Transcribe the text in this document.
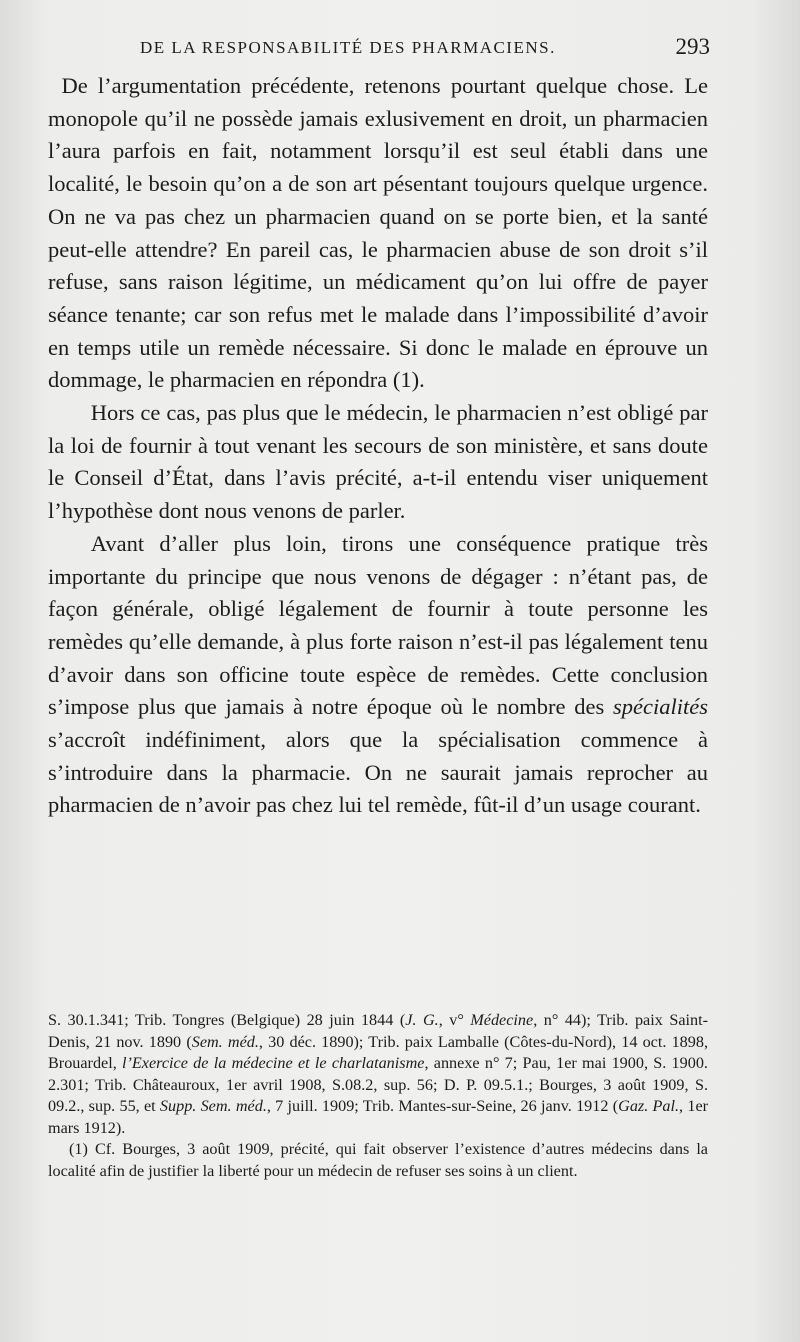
DE LA RESPONSABILITÉ DES PHARMACIENS.	293

De l’argumentation précédente, retenons pourtant quelque chose. Le monopole qu’il ne possède jamais exlusivement en droit, un pharmacien l’aura parfois en fait, notamment lorsqu’il est seul établi dans une localité, le besoin qu’on a de son art pésentant toujours quelque urgence. On ne va pas chez un pharmacien quand on se porte bien, et la santé peut-elle attendre? En pareil cas, le pharmacien abuse de son droit s’il refuse, sans raison légitime, un médicament qu’on lui offre de payer séance tenante; car son refus met le malade dans l’impossibilité d’avoir en temps utile un remède nécessaire. Si donc le malade en éprouve un dommage, le pharmacien en répondra (1).

Hors ce cas, pas plus que le médecin, le pharmacien n’est obligé par la loi de fournir à tout venant les secours de son ministère, et sans doute le Conseil d’État, dans l’avis précité, a-t-il entendu viser uniquement l’hypothèse dont nous venons de parler.

Avant d’aller plus loin, tirons une conséquence pratique très importante du principe que nous venons de dégager : n’étant pas, de façon générale, obligé légalement de fournir à toute personne les remèdes qu’elle demande, à plus forte raison n’est-il pas légalement tenu d’avoir dans son officine toute espèce de remèdes. Cette conclusion s’impose plus que jamais à notre époque où le nombre des spécialités s’accroît indéfiniment, alors que la spécialisation commence à s’introduire dans la pharmacie. On ne saurait jamais reprocher au pharmacien de n’avoir pas chez lui tel remède, fût-il d’un usage courant.

S. 30.1.341; Trib. Tongres (Belgique) 28 juin 1844 (J. G., v° Médecine, n° 44); Trib. paix Saint-Denis, 21 nov. 1890 (Sem. méd., 30 déc. 1890); Trib. paix Lamballe (Côtes-du-Nord), 14 oct. 1898, Brouardel, l’Exercice de la médecine et le charlatanisme, annexe n° 7; Pau, 1er mai 1900, S. 1900. 2.301; Trib. Châteauroux, 1er avril 1908, S.08.2, sup. 56; D. P. 09.5.1.; Bourges, 3 août 1909, S. 09.2., sup. 55, et Supp. Sem. méd., 7 juill. 1909; Trib. Mantes-sur-Seine, 26 janv. 1912 (Gaz. Pal., 1er mars 1912).

(1) Cf. Bourges, 3 août 1909, précité, qui fait observer l’existence d’autres médecins dans la localité afin de justifier la liberté pour un médecin de refuser ses soins à un client.
